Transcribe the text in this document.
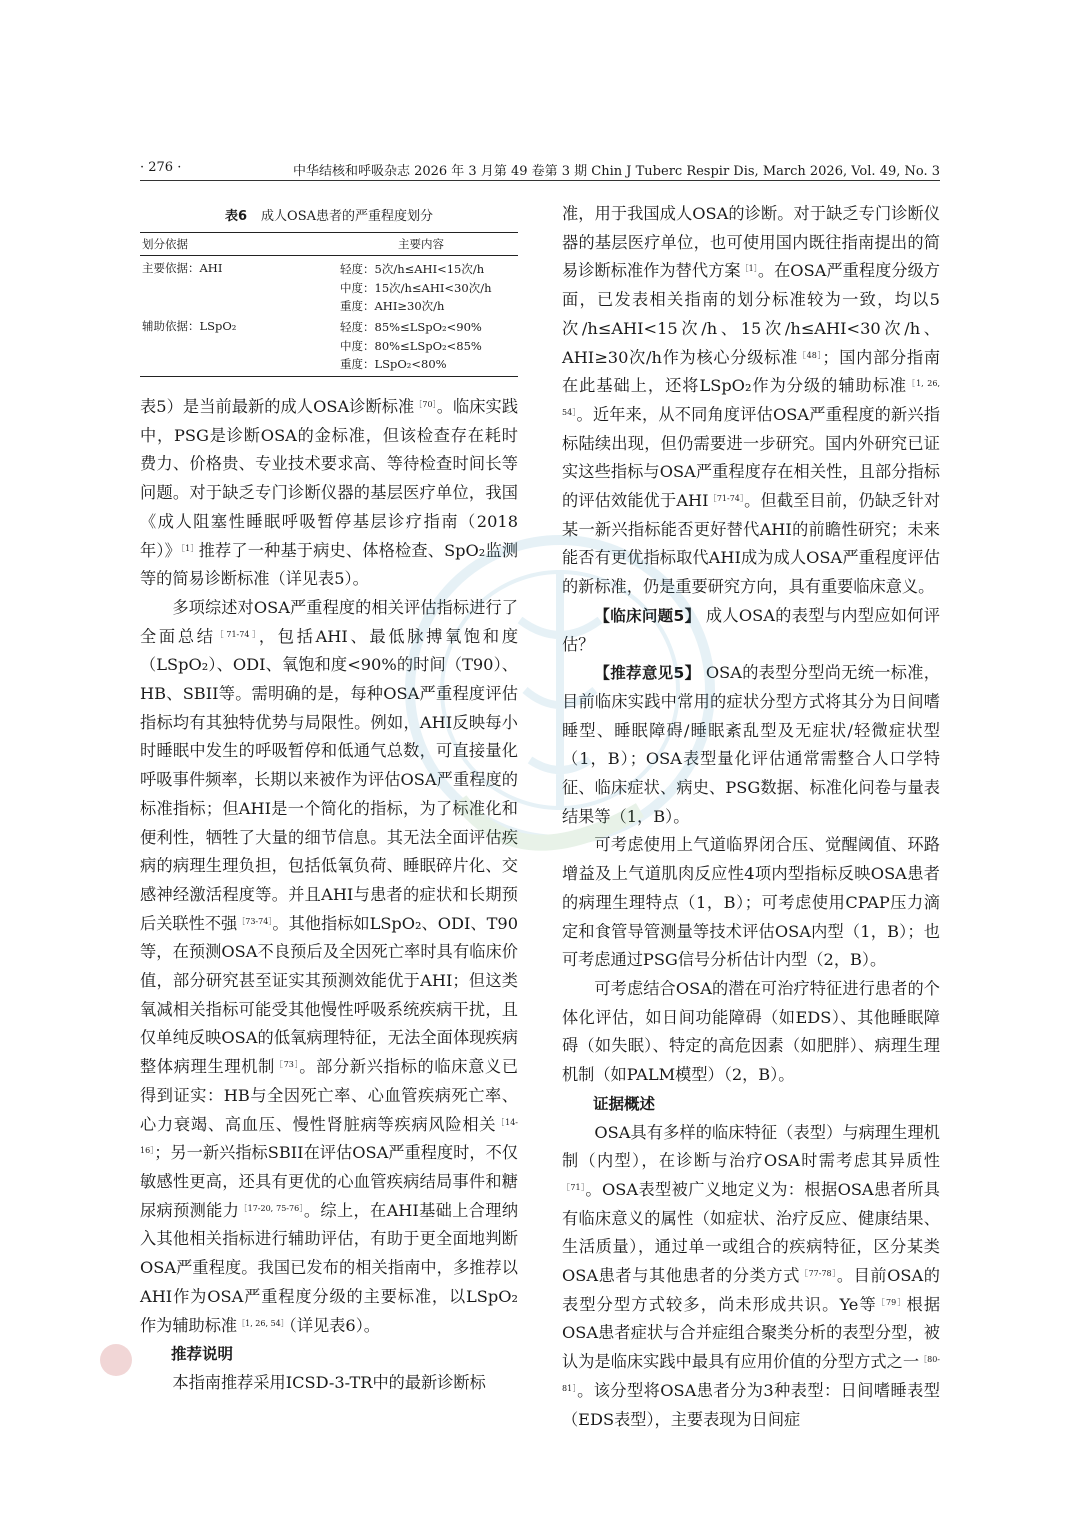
· 276 ·	中华结核和呼吸杂志 2026 年 3 月第 49 卷第 3 期 Chin J Tuberc Respir Dis, March 2026, Vol. 49, No. 3
表6 成人OSA患者的严重程度划分
划分依据	主要内容
主要依据：AHI	轻度：5次/h≤AHI<15次/h
中度：15次/h≤AHI<30次/h
重度：AHI≥30次/h
辅助依据：LSpO₂	轻度：85%≤LSpO₂<90%
中度：80%≤LSpO₂<85%
重度：LSpO₂<80%

表5）是当前最新的成人OSA诊断标准$^{[70]}$。临床实践中，PSG是诊断OSA的金标准，但该检查存在耗时费力、价格贵、专业技术要求高、等待检查时间长等问题。对于缺乏专门诊断仪器的基层医疗单位，我国《成人阻塞性睡眠呼吸暂停基层诊疗指南（2018年）》$^{[1]}$推荐了一种基于病史、体格检查、SpO₂监测等的简易诊断标准（详见表5）。

多项综述对OSA严重程度的相关评估指标进行了全面总结$^{[71-74]}$，包括AHI、最低脉搏氧饱和度（LSpO₂）、ODI、氧饱和度<90%的时间（T90）、HB、SBII等。需明确的是，每种OSA严重程度评估指标均有其独特优势与局限性。例如，AHI反映每小时睡眠中发生的呼吸暂停和低通气总数，可直接量化呼吸事件频率，长期以来被作为评估OSA严重程度的标准指标；但AHI是一个简化的指标，为了标准化和便利性，牺牲了大量的细节信息。其无法全面评估疾病的病理生理负担，包括低氧负荷、睡眠碎片化、交感神经激活程度等。并且AHI与患者的症状和长期预后关联性不强$^{[73-74]}$。其他指标如LSpO₂、ODI、T90等，在预测OSA不良预后及全因死亡率时具有临床价值，部分研究甚至证实其预测效能优于AHI；但这类氧减相关指标可能受其他慢性呼吸系统疾病干扰，且仅单纯反映OSA的低氧病理特征，无法全面体现疾病整体病理生理机制$^{[73]}$。部分新兴指标的临床意义已得到证实：HB与全因死亡率、心血管疾病死亡率、心力衰竭、高血压、慢性肾脏病等疾病风险相关$^{[14-16]}$；另一新兴指标SBII在评估OSA严重程度时，不仅敏感性更高，还具有更优的心血管疾病结局事件和糖尿病预测能力$^{[17-20, 75-76]}$。综上，在AHI基础上合理纳入其他相关指标进行辅助评估，有助于更全面地判断OSA严重程度。我国已发布的相关指南中，多推荐以AHI作为OSA严重程度分级的主要标准，以LSpO₂作为辅助标准$^{[1, 26, 54]}$（详见表6）。

推荐说明

本指南推荐采用ICSD-3-TR中的最新诊断标

准，用于我国成人OSA的诊断。对于缺乏专门诊断仪器的基层医疗单位，也可使用国内既往指南提出的简易诊断标准作为替代方案$^{[1]}$。在OSA严重程度分级方面，已发表相关指南的划分标准较为一致，均以5次/h≤AHI<15次/h、15次/h≤AHI<30次/h、AHI≥30次/h作为核心分级标准$^{[48]}$；国内部分指南在此基础上，还将LSpO₂作为分级的辅助标准$^{[1, 26, 54]}$。近年来，从不同角度评估OSA严重程度的新兴指标陆续出现，但仍需要进一步研究。国内外研究已证实这些指标与OSA严重程度存在相关性，且部分指标的评估效能优于$AHI^{[71-74]}$。但截至目前，仍缺乏针对某一新兴指标能否更好替代AHI的前瞻性研究；未来能否有更优指标取代AHI成为成人OSA严重程度评估的新标准，仍是重要研究方向，具有重要临床意义。

【临床问题5】 成人OSA的表型与内型应如何评估？

【推荐意见5】 OSA的表型分型尚无统一标准，目前临床实践中常用的症状分型方式将其分为日间嗜睡型、睡眠障碍/睡眠紊乱型及无症状/轻微症状型（1，B）；OSA表型量化评估通常需整合人口学特征、临床症状、病史、PSG数据、标准化问卷与量表结果等（1，B）。

可考虑使用上气道临界闭合压、觉醒阈值、环路增益及上气道肌肉反应性4项内型指标反映OSA患者的病理生理特点（1，B）；可考虑使用CPAP压力滴定和食管导管测量等技术评估OSA内型（1，B）；也可考虑通过PSG信号分析估计内型（2，B）。

可考虑结合OSA的潜在可治疗特征进行患者的个体化评估，如日间功能障碍（如EDS）、其他睡眠障碍（如失眠）、特定的高危因素（如肥胖）、病理生理机制（如PALM模型）（2，B）。

证据概述

OSA具有多样的临床特征（表型）与病理生理机制（内型），在诊断与治疗OSA时需考虑其异质性$^{[71]}$。OSA表型被广义地定义为：根据OSA患者所具有临床意义的属性（如症状、治疗反应、健康结果、生活质量），通过单一或组合的疾病特征，区分某类OSA患者与其他患者的分类方式$^{[77-78]}$。目前OSA的表型分型方式较多，尚未形成共识。Ye等$^{[79]}$根据OSA患者症状与合并症组合聚类分析的表型分型，被认为是临床实践中最具有应用价值的分型方式之一$^{[80-81]}$。该分型将OSA患者分为3种表型：日间嗜睡表型（EDS表型），主要表现为日间症
